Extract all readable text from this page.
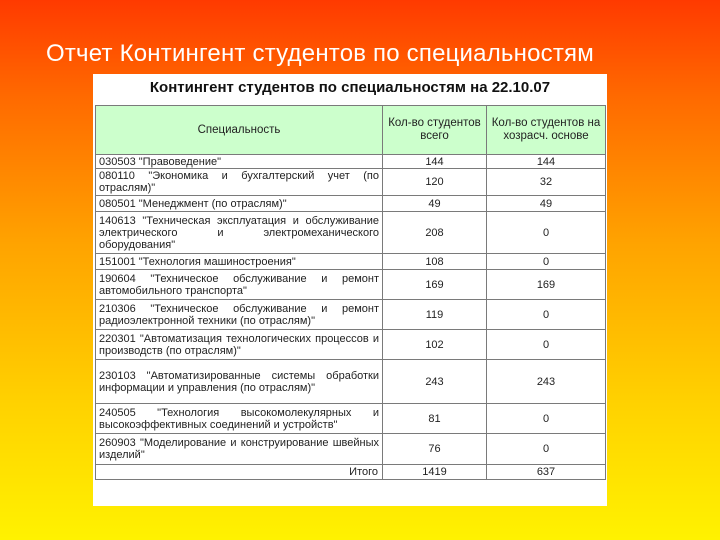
Отчет Контингент студентов по специальностям
Контингент студентов по специальностям на 22.10.07
Специальность	Кол-во студентов всего	Кол-во студентов на хозрасч. основе
030503 "Правоведение"	144	144
080110 "Экономика и бухгалтерский учет (по отраслям)"	120	32
080501 "Менеджмент (по отраслям)"	49	49
140613 "Техническая эксплуатация и обслуживание электрического и электромеханического оборудования"	208	0
151001 "Технология машиностроения"	108	0
190604 "Техническое обслуживание и ремонт автомобильного транспорта"	169	169
210306 "Техническое обслуживание и ремонт радиоэлектронной техники (по отраслям)"	119	0
220301 "Автоматизация технологических процессов и производств (по отраслям)"	102	0
230103 "Автоматизированные системы обработки информации и управления (по отраслям)"	243	243
240505 "Технология высокомолекулярных и высокоэффективных соединений и устройств"	81	0
260903 "Моделирование и конструирование швейных изделий"	76	0
Итого	1419	637
